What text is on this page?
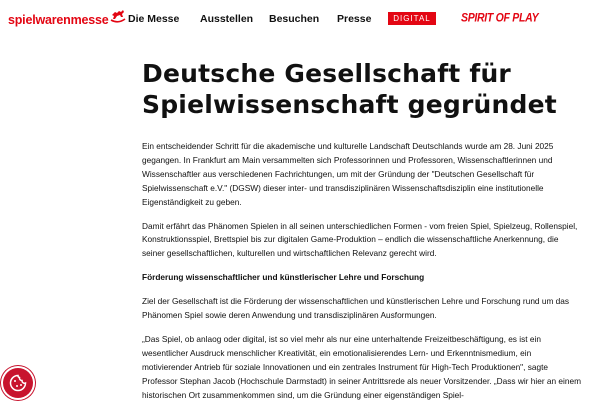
spielwarenmesse Die Messe Ausstellen Besuchen Presse	DIGITAL	SPIRIT OF PLAY
Deutsche Gesellschaft für Spielwissenschaft gegründet

Ein entscheidender Schritt für die akademische und kulturelle Landschaft Deutschlands wurde am 28. Juni 2025 gegangen. In Frankfurt am Main versammelten sich Professorinnen und Professoren, Wissenschaftlerinnen und Wissenschaftler aus verschiedenen Fachrichtungen, um mit der Gründung der "Deutschen Gesellschaft für Spielwissenschaft e.V." (DGSW) dieser inter- und transdisziplinären Wissenschaftsdisziplin eine institutionelle Eigenständigkeit zu geben.

Damit erfährt das Phänomen Spielen in all seinen unterschiedlichen Formen - vom freien Spiel, Spielzeug, Rollenspiel, Konstruktionsspiel, Brettspiel bis zur digitalen Game-Produktion – endlich die wissenschaftliche Anerkennung, die seiner gesellschaftlichen, kulturellen und wirtschaftlichen Relevanz gerecht wird.

Förderung wissenschaftlicher und künstlerischer Lehre und Forschung

Ziel der Gesellschaft ist die Förderung der wissenschaftlichen und künstlerischen Lehre und Forschung rund um das Phänomen Spiel sowie deren Anwendung und transdisziplinären Ausformungen.

„Das Spiel, ob anlaog oder digital, ist so viel mehr als nur eine unterhaltende Freizeitbeschäftigung, es ist ein wesentlicher Ausdruck menschlicher Kreativität, ein emotionalisierendes Lern- und Erkenntnismedium, ein motivierender Antrieb für soziale Innovationen und ein zentrales Instrument für High-Tech Produktionen", sagte Professor Stephan Jacob (Hochschule Darmstadt) in seiner Antrittsrede als neuer Vorsitzender. „Dass wir hier an einem historischen Ort zusammenkommen sind, um die Gründung einer eigenständigen Spiel-
